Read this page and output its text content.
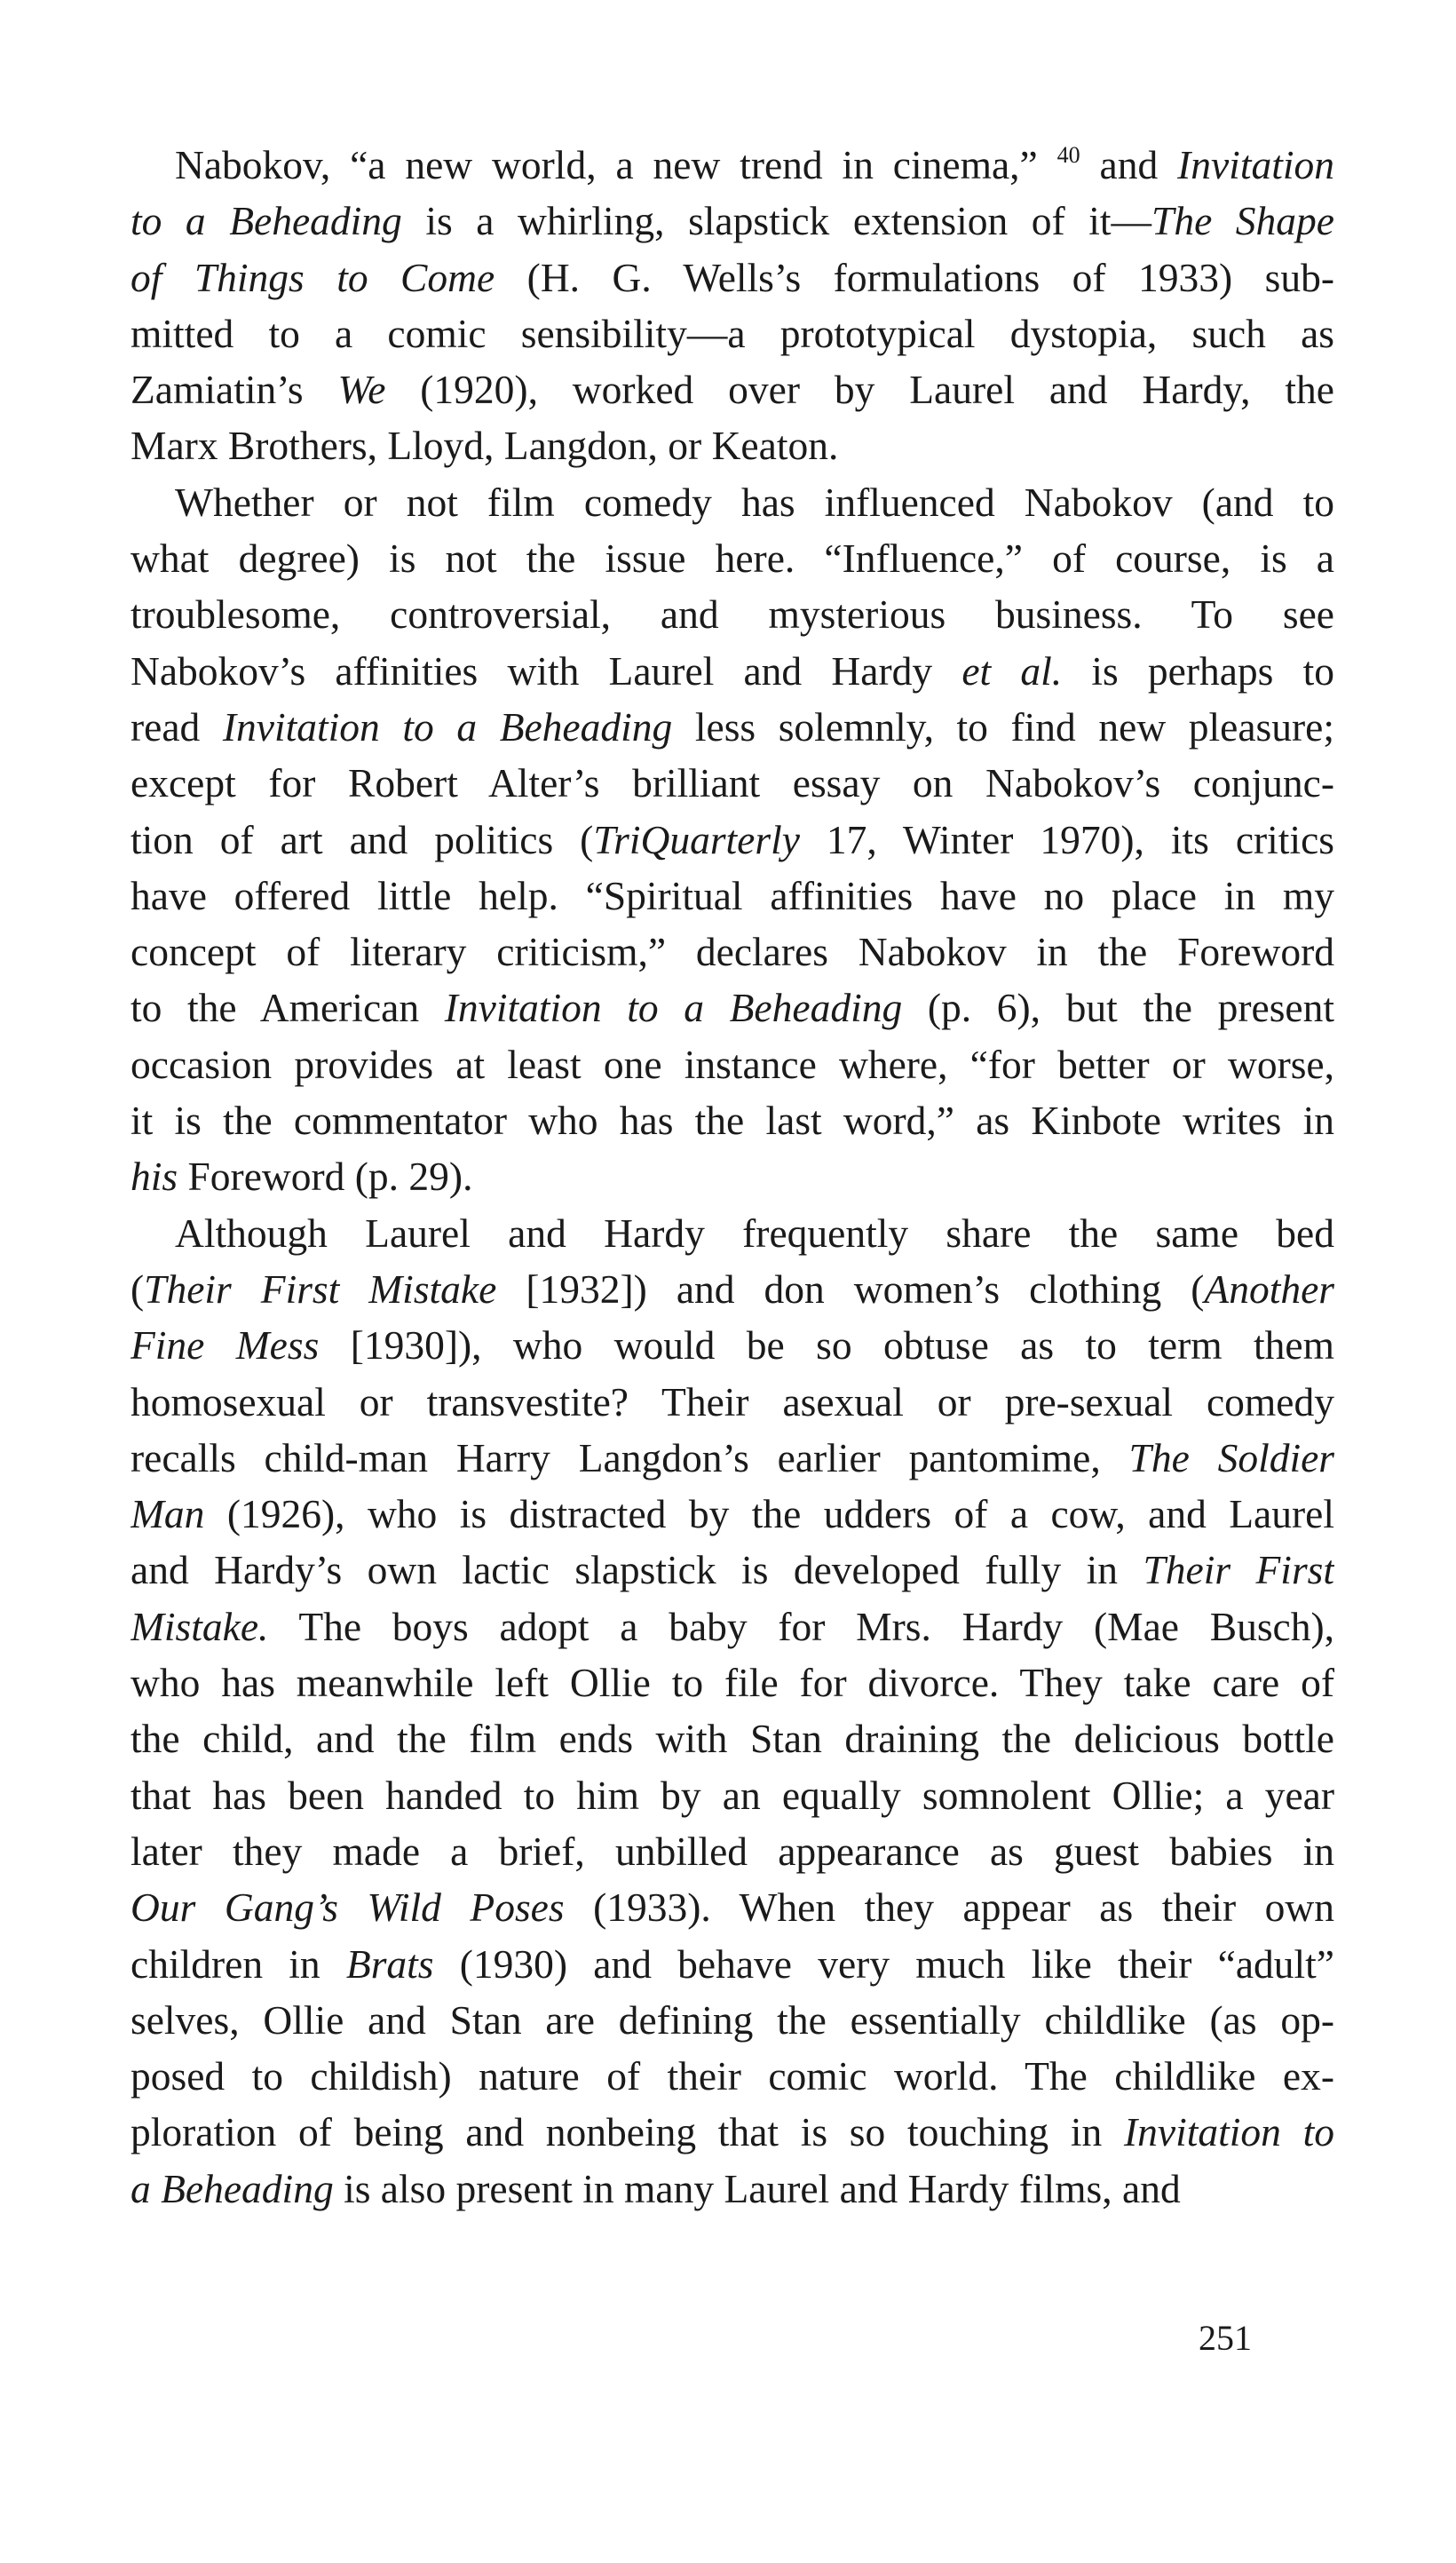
Nabokov, “a new world, a new trend in cinema,” $^{40}$ and Invitation
to a Beheading is a whirling, slapstick extension of it—The Shape
of Things to Come (H. G. Wells’s formulations of 1933) sub-
mitted to a comic sensibility—a prototypical dystopia, such as
Zamiatin’s We (1920), worked over by Laurel and Hardy, the
Marx Brothers, Lloyd, Langdon, or Keaton.
Whether or not film comedy has influenced Nabokov (and to
what degree) is not the issue here. “Influence,” of course, is a
troublesome, controversial, and mysterious business. To see
Nabokov’s affinities with Laurel and Hardy et al. is perhaps to
read Invitation to a Beheading less solemnly, to find new pleasure;
except for Robert Alter’s brilliant essay on Nabokov’s conjunc-
tion of art and politics (TriQuarterly 17, Winter 1970), its critics
have offered little help. “Spiritual affinities have no place in my
concept of literary criticism,” declares Nabokov in the Foreword
to the American Invitation to a Beheading (p. 6), but the present
occasion provides at least one instance where, “for better or worse,
it is the commentator who has the last word,” as Kinbote writes in
his Foreword (p. 29).
Although Laurel and Hardy frequently share the same bed
(Their First Mistake [1932]) and don women’s clothing (Another
Fine Mess [1930]), who would be so obtuse as to term them
homosexual or transvestite? Their asexual or pre-sexual comedy
recalls child-man Harry Langdon’s earlier pantomime, The Soldier
Man (1926), who is distracted by the udders of a cow, and Laurel
and Hardy’s own lactic slapstick is developed fully in Their First
Mistake. The boys adopt a baby for Mrs. Hardy (Mae Busch),
who has meanwhile left Ollie to file for divorce. They take care of
the child, and the film ends with Stan draining the delicious bottle
that has been handed to him by an equally somnolent Ollie; a year
later they made a brief, unbilled appearance as guest babies in
Our Gang’s Wild Poses (1933). When they appear as their own
children in Brats (1930) and behave very much like their “adult”
selves, Ollie and Stan are defining the essentially childlike (as op-
posed to childish) nature of their comic world. The childlike ex-
ploration of being and nonbeing that is so touching in Invitation to
a Beheading is also present in many Laurel and Hardy films, and
251
